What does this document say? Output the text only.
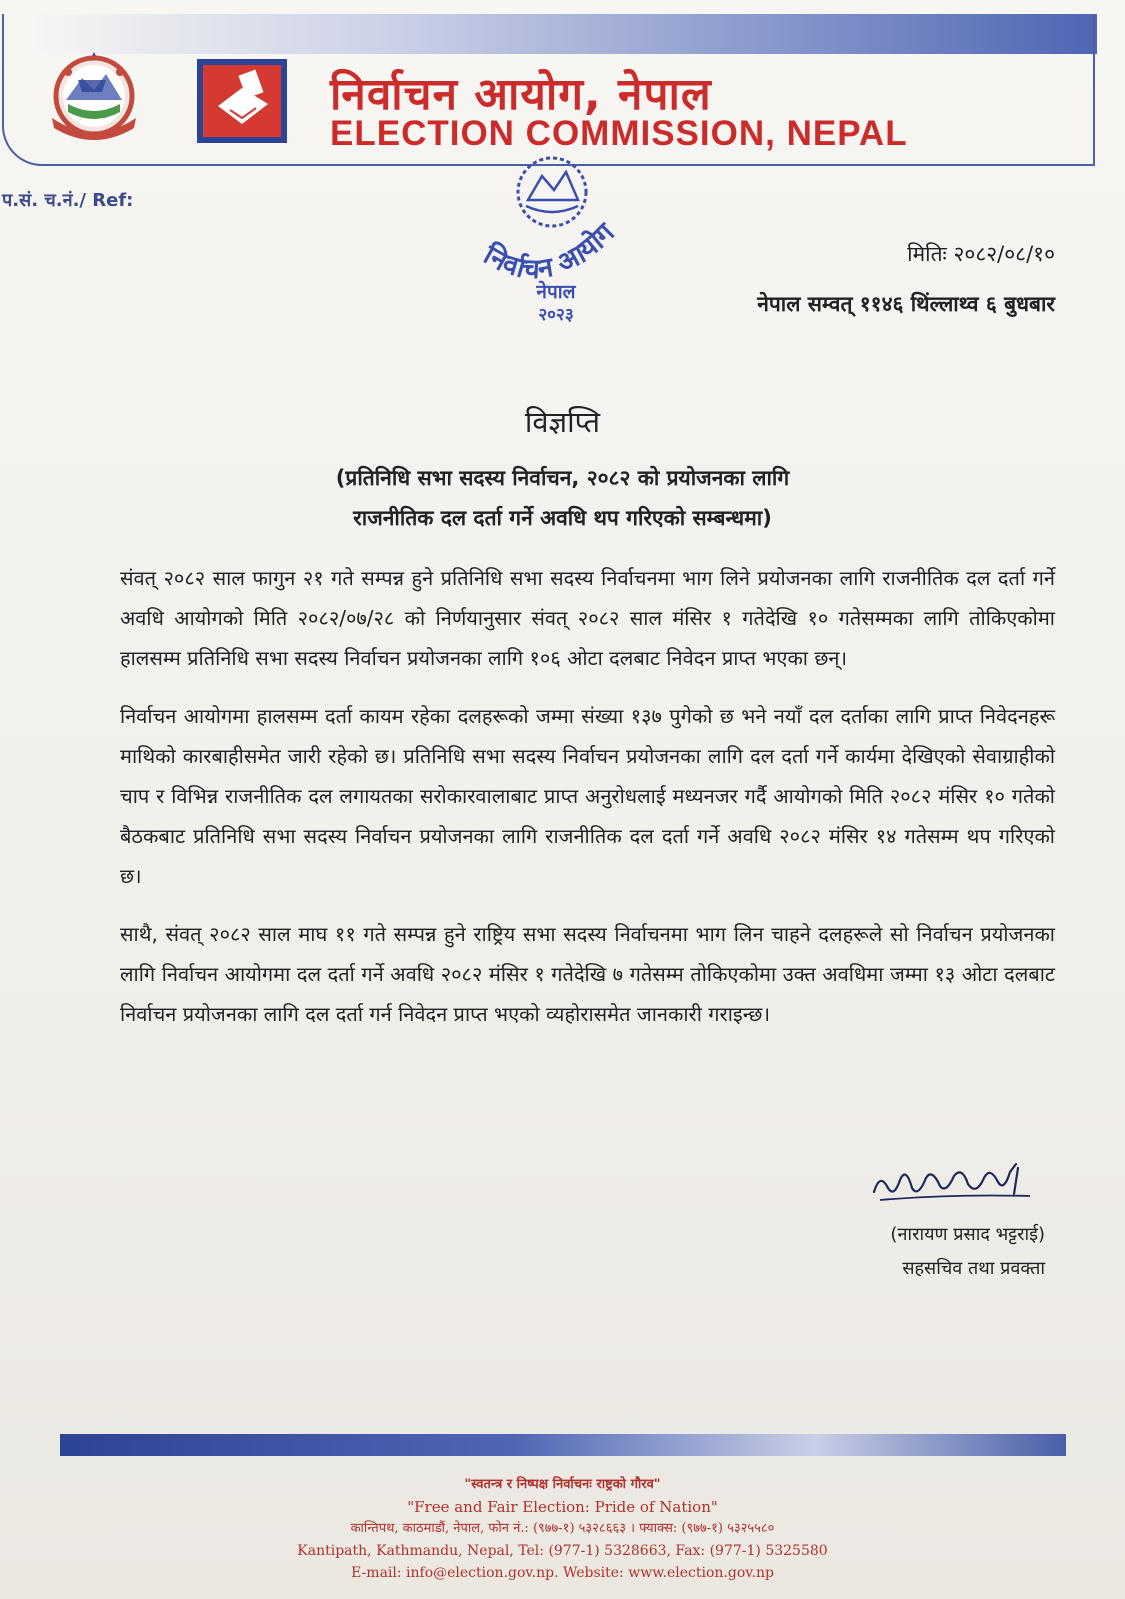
निर्वाचन आयोग, नेपाल
ELECTION COMMISSION, NEPAL
प.सं. च.नं./ Ref:
निर्वाचन आयोग
नेपाल
२०२३
मितिः २०८२/०८/१०
नेपाल सम्वत् ११४६ थिंल्लाथ्व ६ बुधबार
विज्ञप्ति
(प्रतिनिधि सभा सदस्य निर्वाचन, २०८२ को प्रयोजनका लागि
राजनीतिक दल दर्ता गर्ने अवधि थप गरिएको सम्बन्धमा)

संवत् २०८२ साल फागुन २१ गते सम्पन्न हुने प्रतिनिधि सभा सदस्य निर्वाचनमा भाग लिने प्रयोजनका लागि राजनीतिक दल दर्ता गर्ने अवधि आयोगको मिति २०८२/०७/२८ को निर्णयानुसार संवत् २०८२ साल मंसिर १ गतेदेखि १० गतेसम्मका लागि तोकिएकोमा हालसम्म प्रतिनिधि सभा सदस्य निर्वाचन प्रयोजनका लागि १०६ ओटा दलबाट निवेदन प्राप्त भएका छन्।

निर्वाचन आयोगमा हालसम्म दर्ता कायम रहेका दलहरूको जम्मा संख्या १३७ पुगेको छ भने नयाँ दल दर्ताका लागि प्राप्त निवेदनहरू माथिको कारबाहीसमेत जारी रहेको छ। प्रतिनिधि सभा सदस्य निर्वाचन प्रयोजनका लागि दल दर्ता गर्ने कार्यमा देखिएको सेवाग्राहीको चाप र विभिन्न राजनीतिक दल लगायतका सरोकारवालाबाट प्राप्त अनुरोधलाई मध्यनजर गर्दै आयोगको मिति २०८२ मंसिर १० गतेको बैठकबाट प्रतिनिधि सभा सदस्य निर्वाचन प्रयोजनका लागि राजनीतिक दल दर्ता गर्ने अवधि २०८२ मंसिर १४ गतेसम्म थप गरिएको छ।

साथै, संवत् २०८२ साल माघ ११ गते सम्पन्न हुने राष्ट्रिय सभा सदस्य निर्वाचनमा भाग लिन चाहने दलहरूले सो निर्वाचन प्रयोजनका लागि निर्वाचन आयोगमा दल दर्ता गर्ने अवधि २०८२ मंसिर १ गतेदेखि ७ गतेसम्म तोकिएकोमा उक्त अवधिमा जम्मा १३ ओटा दलबाट निर्वाचन प्रयोजनका लागि दल दर्ता गर्न निवेदन प्राप्त भएको व्यहोरासमेत जानकारी गराइन्छ।

(नारायण प्रसाद भट्टराई)
सहसचिव तथा प्रवक्ता
"स्वतन्त्र र निष्पक्ष निर्वाचनः राष्ट्रको गौरव"
"Free and Fair Election: Pride of Nation"
कान्तिपथ, काठमाडौं, नेपाल, फोन नं.: (९७७-१) ५३२८६६३ । फ्याक्स: (९७७-१) ५३२५५८०
Kantipath, Kathmandu, Nepal, Tel: (977-1) 5328663, Fax: (977-1) 5325580
E-mail: info@election.gov.np. Website: www.election.gov.np
